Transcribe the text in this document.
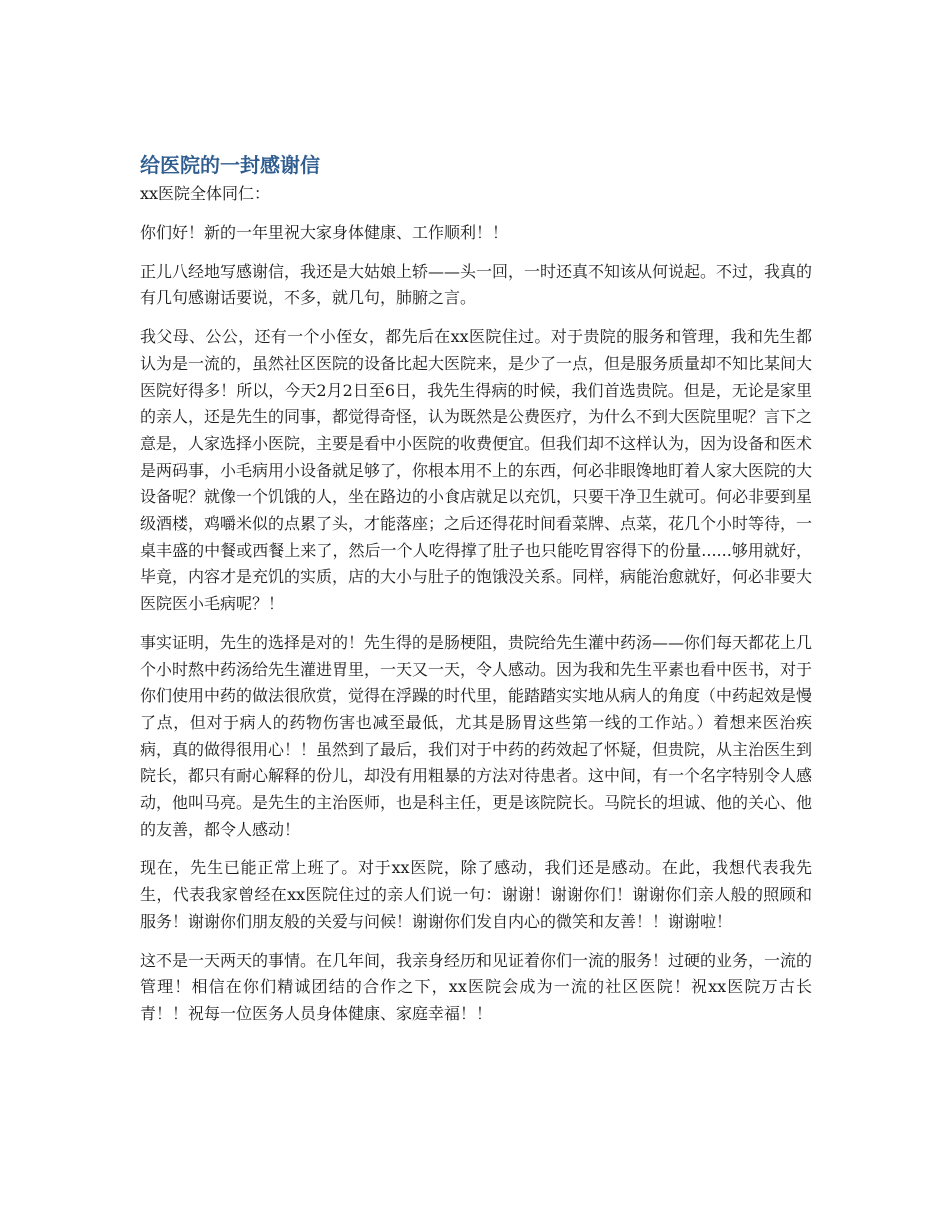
给医院的一封感谢信

xx医院全体同仁：

你们好！新的一年里祝大家身体健康、工作顺利！！

正儿八经地写感谢信，我还是大姑娘上轿——头一回，一时还真不知该从何说起。不过，我真的有几句感谢话要说，不多，就几句，肺腑之言。

我父母、公公，还有一个小侄女，都先后在xx医院住过。对于贵院的服务和管理，我和先生都认为是一流的，虽然社区医院的设备比起大医院来，是少了一点，但是服务质量却不知比某间大医院好得多！所以，今天2月2日至6日，我先生得病的时候，我们首选贵院。但是，无论是家里的亲人，还是先生的同事，都觉得奇怪，认为既然是公费医疗，为什么不到大医院里呢？言下之意是，人家选择小医院，主要是看中小医院的收费便宜。但我们却不这样认为，因为设备和医术是两码事，小毛病用小设备就足够了，你根本用不上的东西，何必非眼馋地盯着人家大医院的大设备呢？就像一个饥饿的人，坐在路边的小食店就足以充饥，只要干净卫生就可。何必非要到星级酒楼，鸡嚼米似的点累了头，才能落座；之后还得花时间看菜牌、点菜，花几个小时等待，一桌丰盛的中餐或西餐上来了，然后一个人吃得撑了肚子也只能吃胃容得下的份量......够用就好，毕竟，内容才是充饥的实质，店的大小与肚子的饱饿没关系。同样，病能治愈就好，何必非要大医院医小毛病呢？！

事实证明，先生的选择是对的！先生得的是肠梗阻，贵院给先生灌中药汤——你们每天都花上几个小时熬中药汤给先生灌进胃里，一天又一天，令人感动。因为我和先生平素也看中医书，对于你们使用中药的做法很欣赏，觉得在浮躁的时代里，能踏踏实实地从病人的角度（中药起效是慢了点，但对于病人的药物伤害也减至最低，尤其是肠胃这些第一线的工作站。）着想来医治疾病，真的做得很用心！！虽然到了最后，我们对于中药的药效起了怀疑，但贵院，从主治医生到院长，都只有耐心解释的份儿，却没有用粗暴的方法对待患者。这中间，有一个名字特别令人感动，他叫马亮。是先生的主治医师，也是科主任，更是该院院长。马院长的坦诚、他的关心、他的友善，都令人感动！

现在，先生已能正常上班了。对于xx医院，除了感动，我们还是感动。在此，我想代表我先生，代表我家曾经在xx医院住过的亲人们说一句：谢谢！谢谢你们！谢谢你们亲人般的照顾和服务！谢谢你们朋友般的关爱与问候！谢谢你们发自内心的微笑和友善！！谢谢啦！

这不是一天两天的事情。在几年间，我亲身经历和见证着你们一流的服务！过硬的业务，一流的管理！相信在你们精诚团结的合作之下，xx医院会成为一流的社区医院！祝xx医院万古长青！！祝每一位医务人员身体健康、家庭幸福！！
